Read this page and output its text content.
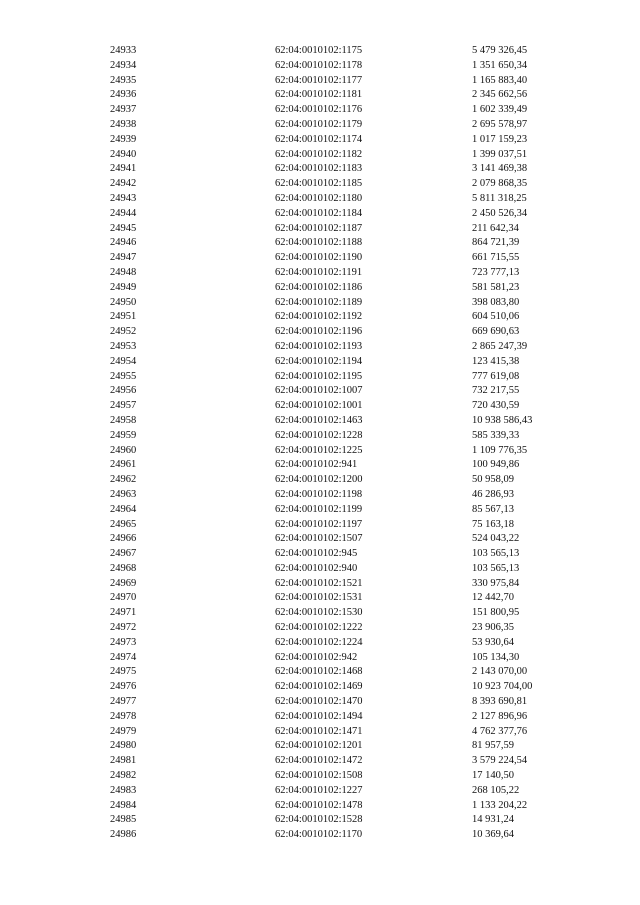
24933	62:04:0010102:1175	5 479 326,45
24934	62:04:0010102:1178	1 351 650,34
24935	62:04:0010102:1177	1 165 883,40
24936	62:04:0010102:1181	2 345 662,56
24937	62:04:0010102:1176	1 602 339,49
24938	62:04:0010102:1179	2 695 578,97
24939	62:04:0010102:1174	1 017 159,23
24940	62:04:0010102:1182	1 399 037,51
24941	62:04:0010102:1183	3 141 469,38
24942	62:04:0010102:1185	2 079 868,35
24943	62:04:0010102:1180	5 811 318,25
24944	62:04:0010102:1184	2 450 526,34
24945	62:04:0010102:1187	211 642,34
24946	62:04:0010102:1188	864 721,39
24947	62:04:0010102:1190	661 715,55
24948	62:04:0010102:1191	723 777,13
24949	62:04:0010102:1186	581 581,23
24950	62:04:0010102:1189	398 083,80
24951	62:04:0010102:1192	604 510,06
24952	62:04:0010102:1196	669 690,63
24953	62:04:0010102:1193	2 865 247,39
24954	62:04:0010102:1194	123 415,38
24955	62:04:0010102:1195	777 619,08
24956	62:04:0010102:1007	732 217,55
24957	62:04:0010102:1001	720 430,59
24958	62:04:0010102:1463	10 938 586,43
24959	62:04:0010102:1228	585 339,33
24960	62:04:0010102:1225	1 109 776,35
24961	62:04:0010102:941	100 949,86
24962	62:04:0010102:1200	50 958,09
24963	62:04:0010102:1198	46 286,93
24964	62:04:0010102:1199	85 567,13
24965	62:04:0010102:1197	75 163,18
24966	62:04:0010102:1507	524 043,22
24967	62:04:0010102:945	103 565,13
24968	62:04:0010102:940	103 565,13
24969	62:04:0010102:1521	330 975,84
24970	62:04:0010102:1531	12 442,70
24971	62:04:0010102:1530	151 800,95
24972	62:04:0010102:1222	23 906,35
24973	62:04:0010102:1224	53 930,64
24974	62:04:0010102:942	105 134,30
24975	62:04:0010102:1468	2 143 070,00
24976	62:04:0010102:1469	10 923 704,00
24977	62:04:0010102:1470	8 393 690,81
24978	62:04:0010102:1494	2 127 896,96
24979	62:04:0010102:1471	4 762 377,76
24980	62:04:0010102:1201	81 957,59
24981	62:04:0010102:1472	3 579 224,54
24982	62:04:0010102:1508	17 140,50
24983	62:04:0010102:1227	268 105,22
24984	62:04:0010102:1478	1 133 204,22
24985	62:04:0010102:1528	14 931,24
24986	62:04:0010102:1170	10 369,64
